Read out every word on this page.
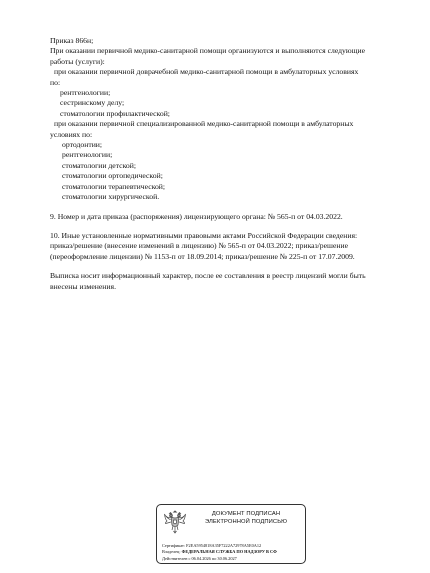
Приказ 866н;
При оказании первичной медико-санитарной помощи организуются и выполняются следующие
работы (услуги):
при оказании первичной доврачебной медико-санитарной помощи в амбулаторных условиях
по:
рентгенологии;
сестринскому делу;
стоматологии профилактической;
при оказании первичной специализированной медико-санитарной помощи в амбулаторных
условиях по:
ортодонтии;
рентгенологии;
стоматологии детской;
стоматологии ортопедической;
стоматологии терапевтической;
стоматологии хирургической.
9. Номер и дата приказа (распоряжения) лицензирующего органа: № 565-п от 04.03.2022.
10. Иные установленные нормативными правовыми актами Российской Федерации сведения:
приказ/решение (внесение изменений в лицензию) № 565-п от 04.03.2022; приказ/решение
(переоформление лицензии) № 1153-п от 18.09.2014; приказ/решение № 225-п от 17.07.2009.
Выписка носит информационный характер, после ее составления в реестр лицензий могли быть
внесены изменения.
ДОКУМЕНТ ПОДПИСАН
ЭЛЕКТРОННОЙ ПОДПИСЬЮ
Сертификат: F2EA5954818A35F7222A72978A5E0A12
Владелец: ФЕДЕРАЛЬНАЯ СЛУЖБА ПО НАДЗОРУ В СФ
Действителен с 06.04.2026 по 30.06.2027
